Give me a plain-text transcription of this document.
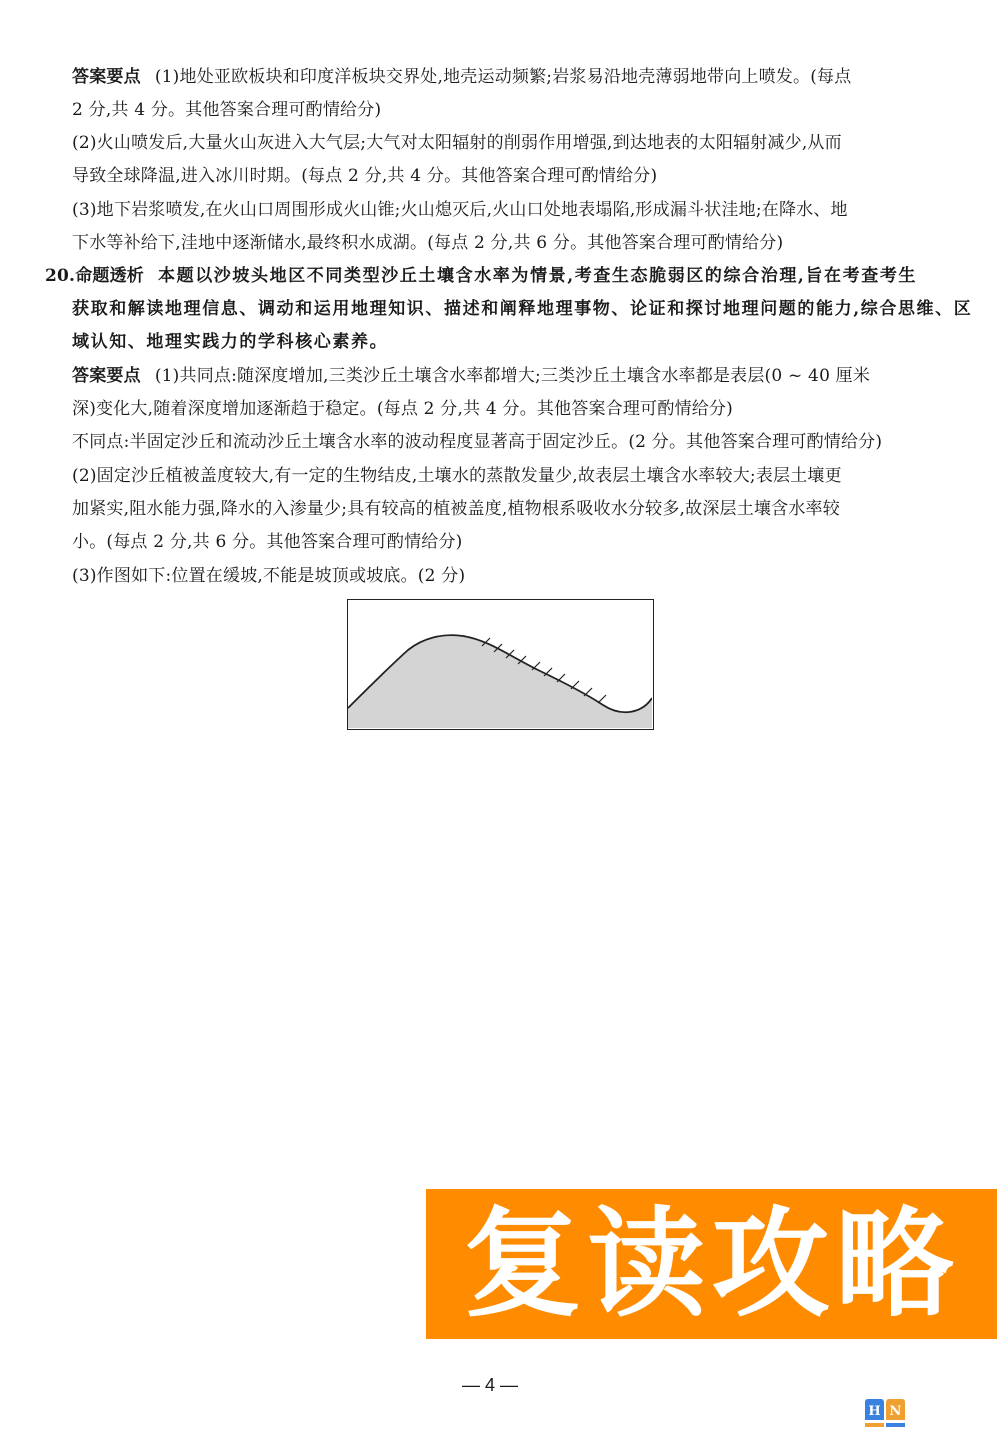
答案要点 (1)地处亚欧板块和印度洋板块交界处,地壳运动频繁;岩浆易沿地壳薄弱地带向上喷发。(每点
2 分,共 4 分。其他答案合理可酌情给分)
(2)火山喷发后,大量火山灰进入大气层;大气对太阳辐射的削弱作用增强,到达地表的太阳辐射减少,从而
导致全球降温,进入冰川时期。(每点 2 分,共 4 分。其他答案合理可酌情给分)
(3)地下岩浆喷发,在火山口周围形成火山锥;火山熄灭后,火山口处地表塌陷,形成漏斗状洼地;在降水、地
下水等补给下,洼地中逐渐储水,最终积水成湖。(每点 2 分,共 6 分。其他答案合理可酌情给分)
20.命题透析 本题以沙坡头地区不同类型沙丘土壤含水率为情景,考查生态脆弱区的综合治理,旨在考查考生
获取和解读地理信息、调动和运用地理知识、描述和阐释地理事物、论证和探讨地理问题的能力,综合思维、区
域认知、地理实践力的学科核心素养。
答案要点 (1)共同点:随深度增加,三类沙丘土壤含水率都增大;三类沙丘土壤含水率都是表层(0 ~ 40 厘米
深)变化大,随着深度增加逐渐趋于稳定。(每点 2 分,共 4 分。其他答案合理可酌情给分)
不同点:半固定沙丘和流动沙丘土壤含水率的波动程度显著高于固定沙丘。(2 分。其他答案合理可酌情给分)
(2)固定沙丘植被盖度较大,有一定的生物结皮,土壤水的蒸散发量少,故表层土壤含水率较大;表层土壤更
加紧实,阻水能力强,降水的入渗量少;具有较高的植被盖度,植物根系吸收水分较多,故深层土壤含水率较
小。(每点 2 分,共 6 分。其他答案合理可酌情给分)
(3)作图如下:位置在缓坡,不能是坡顶或坡底。(2 分)
复读攻略
— 4 —
H N
